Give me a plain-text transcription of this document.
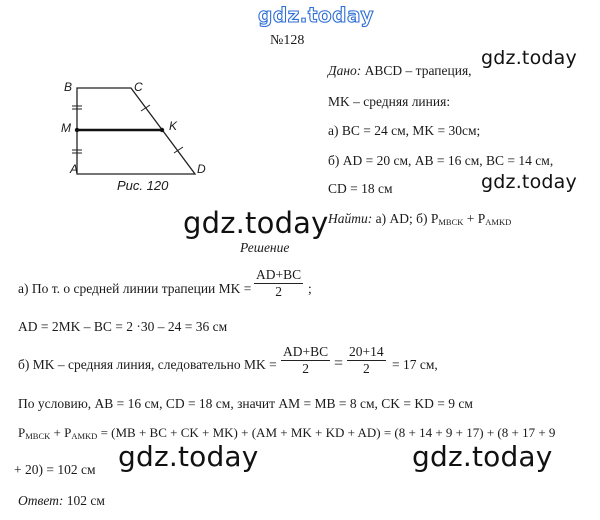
gdz.today
№128
B	C
M	K
A	D
Рис. 120
Дано: ABCD – трапеция,
gdz.today
MK – средняя линия:
а) BC = 24 см, MK = 30см;
б) AD = 20 см, AB = 16 см, BC = 14 см,
CD = 18 см	gdz.today
Найти: а) AD; б) $P_{MBCK} + P_{AMKD}$
gdz.today
Решение
а) По т. о средней линии трапеции MK = $\frac{AD+BC}{2}$ ;
AD = 2MK – BC = 2 ·30 – 24 = 36 см
б) MK – средняя линия, следовательно MK = $\frac{AD+BC}{2} = \frac{20+14}{2} = 17$ см,
По условию, AB = 16 см, CD = 18 см, значит AM = MB = 8 см, CK = KD = 9 см
$P_{MBCK} + P_{AMKD} = (MB$ + BC + CK + MK) + (AM + MK + KD + AD) = (8 + 14 + 9 + 17) + (8 + 17 + 9
+ 20) = 102 см gdz.today	gdz.today
Ответ: 102 см
